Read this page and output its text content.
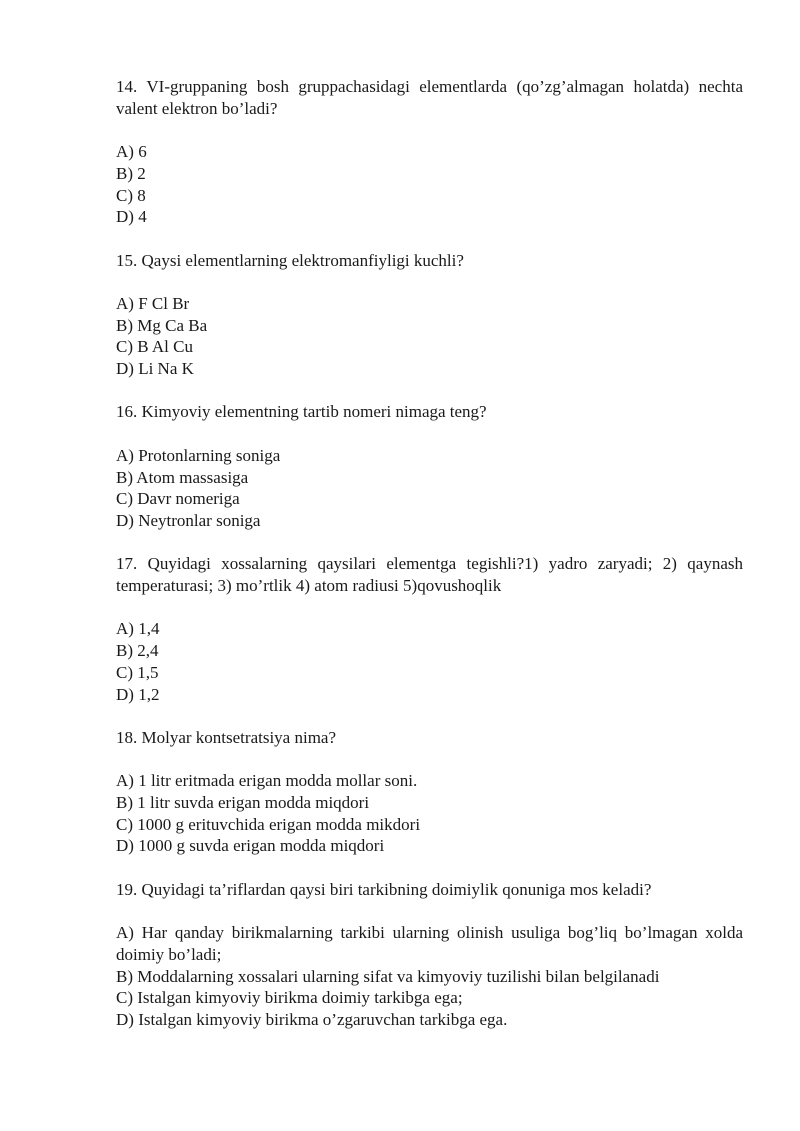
14. VI-gruppaning bosh gruppachasidagi elementlarda (qo’zg’almagan holatda) nechta valent elektron bo’ladi?

A) 6
B) 2
C) 8
D) 4

15. Qaysi elementlarning elektromanfiyligi kuchli?

A) F Cl Br
B) Mg Ca Ba
C) B Al Cu
D) Li Na K

16. Kimyoviy elementning tartib nomeri nimaga teng?

A) Protonlarning soniga
B) Atom massasiga
C) Davr nomeriga
D) Neytronlar soniga

17. Quyidagi xossalarning qaysilari elementga tegishli?1) yadro zaryadi; 2) qaynash temperaturasi; 3) mo’rtlik 4) atom radiusi 5)qovushoqlik

A) 1,4
B) 2,4
C) 1,5
D) 1,2

18. Molyar kontsetratsiya nima?

A) 1 litr eritmada erigan modda mollar soni.
B) 1 litr suvda erigan modda miqdori
C) 1000 g erituvchida erigan modda mikdori
D) 1000 g suvda erigan modda miqdori

19. Quyidagi ta’riflardan qaysi biri tarkibning doimiylik qonuniga mos keladi?

A) Har qanday birikmalarning tarkibi ularning olinish usuliga bog’liq bo’lmagan xolda doimiy bo’ladi;
B) Moddalarning xossalari ularning sifat va kimyoviy tuzilishi bilan belgilanadi
C) Istalgan kimyoviy birikma doimiy tarkibga ega;
D) Istalgan kimyoviy birikma o’zgaruvchan tarkibga ega.
